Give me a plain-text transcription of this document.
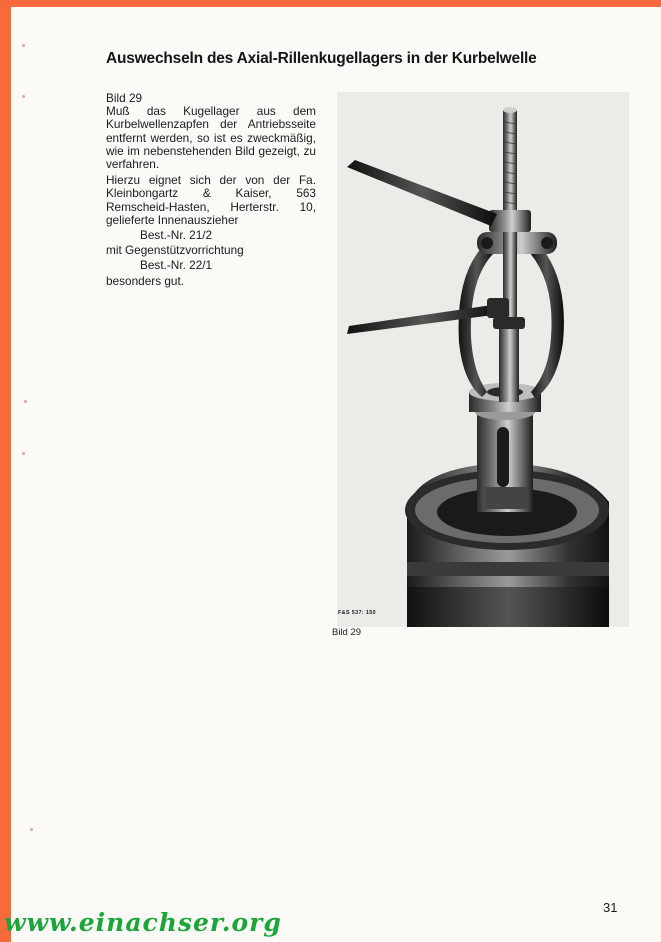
Auswechseln des Axial-Rillenkugellagers in der Kurbelwelle

Bild 29

Muß das Kugellager aus dem Kurbelwellenzapfen der Antriebsseite entfernt werden, so ist es zweckmäßig, wie im nebenstehenden Bild gezeigt, zu verfahren.

Hierzu eignet sich der von der Fa. Kleinbongartz & Kaiser, 563 Remscheid-Hasten, Herterstr. 10, gelieferte Innenauszieher

Best.-Nr. 21/2

mit Gegenstützvorrichtung

Best.-Nr. 22/1

besonders gut.

F&S 537: 150
Bild 29
31
www.einachser.org
